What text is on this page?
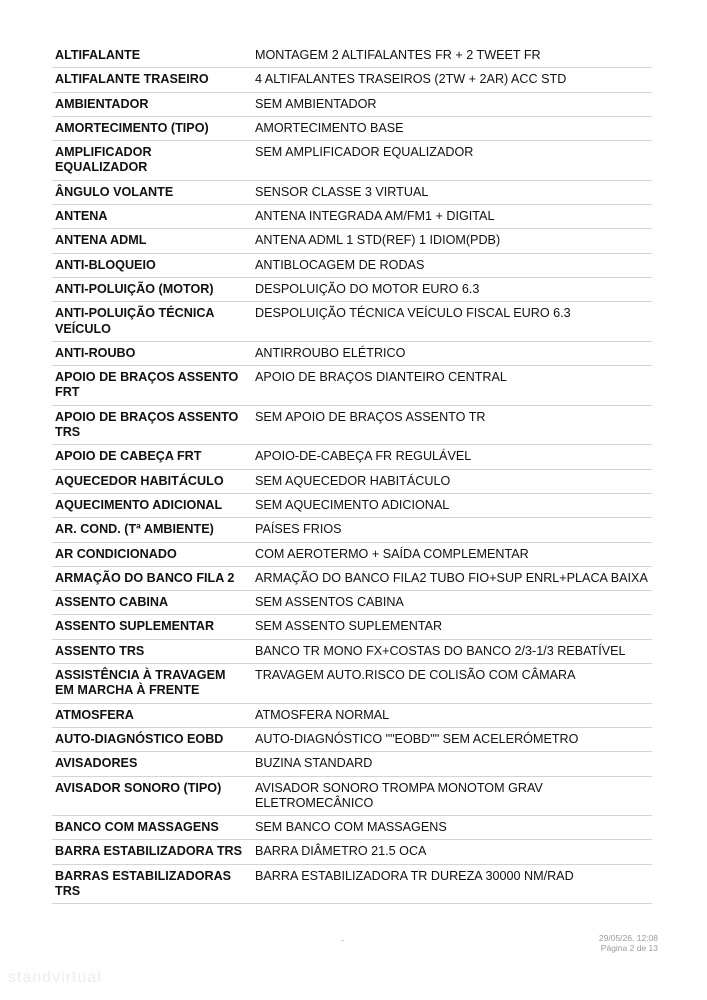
ALTIFALANTE	MONTAGEM 2 ALTIFALANTES FR + 2 TWEET FR
ALTIFALANTE TRASEIRO	4 ALTIFALANTES TRASEIROS (2TW + 2AR) ACC STD
AMBIENTADOR	SEM AMBIENTADOR
AMORTECIMENTO (TIPO)	AMORTECIMENTO BASE
AMPLIFICADOR EQUALIZADOR	SEM AMPLIFICADOR EQUALIZADOR
ÂNGULO VOLANTE	SENSOR CLASSE 3 VIRTUAL
ANTENA	ANTENA INTEGRADA AM/FM1 + DIGITAL
ANTENA ADML	ANTENA ADML 1 STD(REF) 1 IDIOM(PDB)
ANTI-BLOQUEIO	ANTIBLOCAGEM DE RODAS
ANTI-POLUIÇÃO (MOTOR)	DESPOLUIÇÃO DO MOTOR EURO 6.3
ANTI-POLUIÇÃO TÉCNICA VEÍCULO	DESPOLUIÇÃO TÉCNICA VEÍCULO FISCAL EURO 6.3
ANTI-ROUBO	ANTIRROUBO ELÉTRICO
APOIO DE BRAÇOS ASSENTO FRT	APOIO DE BRAÇOS DIANTEIRO CENTRAL
APOIO DE BRAÇOS ASSENTO TRS	SEM APOIO DE BRAÇOS ASSENTO TR
APOIO DE CABEÇA FRT	APOIO-DE-CABEÇA FR REGULÁVEL
AQUECEDOR HABITÁCULO	SEM AQUECEDOR HABITÁCULO
AQUECIMENTO ADICIONAL	SEM AQUECIMENTO ADICIONAL
AR. COND. (Tª AMBIENTE)	PAÍSES FRIOS
AR CONDICIONADO	COM AEROTERMO + SAÍDA COMPLEMENTAR
ARMAÇÃO DO BANCO FILA 2	ARMAÇÃO DO BANCO FILA2 TUBO FIO+SUP ENRL+PLACA BAIXA
ASSENTO CABINA	SEM ASSENTOS CABINA
ASSENTO SUPLEMENTAR	SEM ASSENTO SUPLEMENTAR
ASSENTO TRS	BANCO TR MONO FX+COSTAS DO BANCO 2/3-1/3 REBATÍVEL
ASSISTÊNCIA À TRAVAGEM EM MARCHA À FRENTE	TRAVAGEM AUTO.RISCO DE COLISÃO COM CÂMARA
ATMOSFERA	ATMOSFERA NORMAL
AUTO-DIAGNÓSTICO EOBD	AUTO-DIAGNÓSTICO ""EOBD"" SEM ACELERÓMETRO
AVISADORES	BUZINA STANDARD
AVISADOR SONORO (TIPO)	AVISADOR SONORO TROMPA MONOTOM GRAV ELETROMECÂNICO
BANCO COM MASSAGENS	SEM BANCO COM MASSAGENS
BARRA ESTABILIZADORA TRS	BARRA DIÂMETRO 21.5 OCA
BARRAS ESTABILIZADORAS TRS	BARRA ESTABILIZADORA TR DUREZA 30000 NM/RAD
-	29/05/26, 12:08
Página 2 de 13
standvirtual
